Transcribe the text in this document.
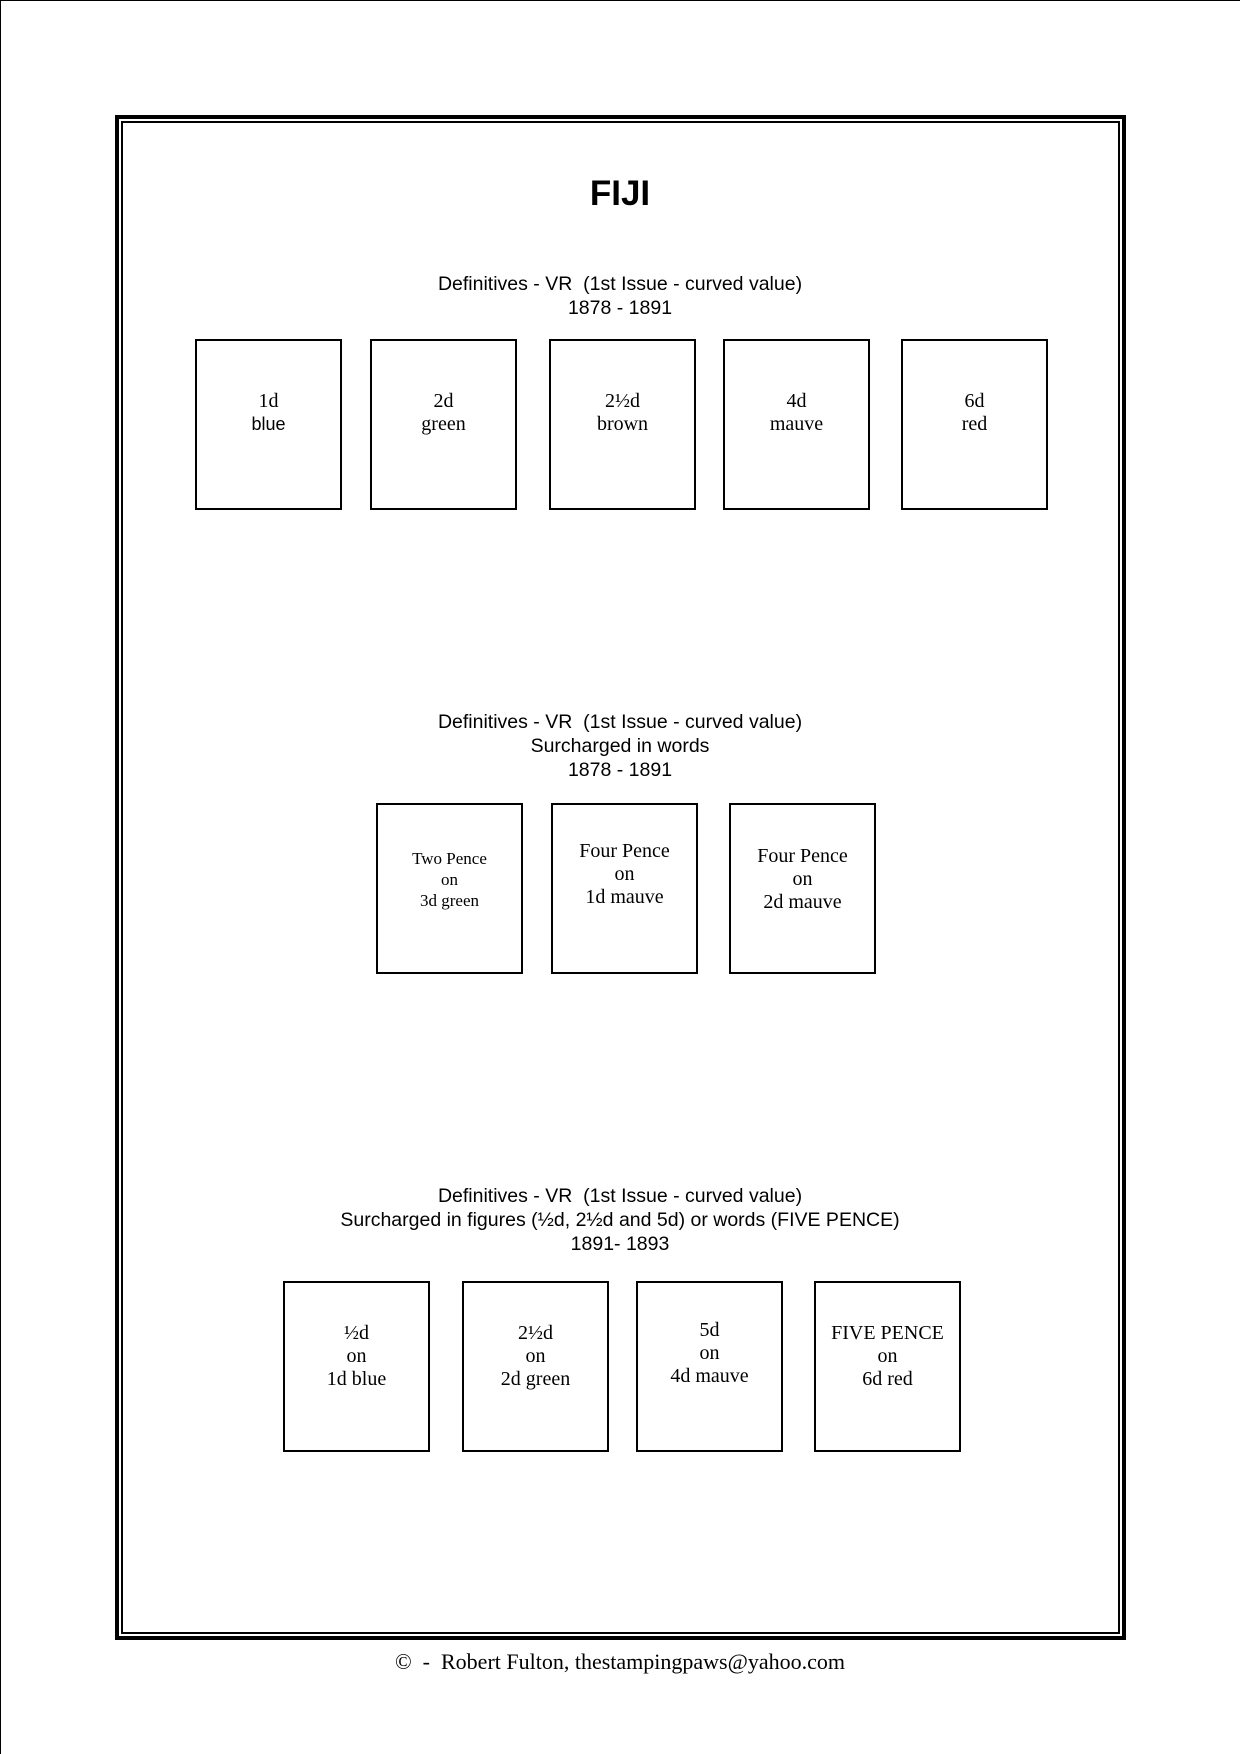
FIJI
Definitives - VR  (1st Issue - curved value)
1878 - 1891
1d
blue
2d
green
2½d
brown
4d
mauve
6d
red
Definitives - VR  (1st Issue - curved value)
Surcharged in words
1878 - 1891
Two Pence
on
3d green
Four Pence
on
1d mauve
Four Pence
on
2d mauve
Definitives - VR  (1st Issue - curved value)
Surcharged in figures (½d, 2½d and 5d) or words (FIVE PENCE)
1891- 1893
½d
on
1d blue
2½d
on
2d green
5d
on
4d mauve
FIVE PENCE
on
6d red
©  -  Robert Fulton, thestampingpaws@yahoo.com
